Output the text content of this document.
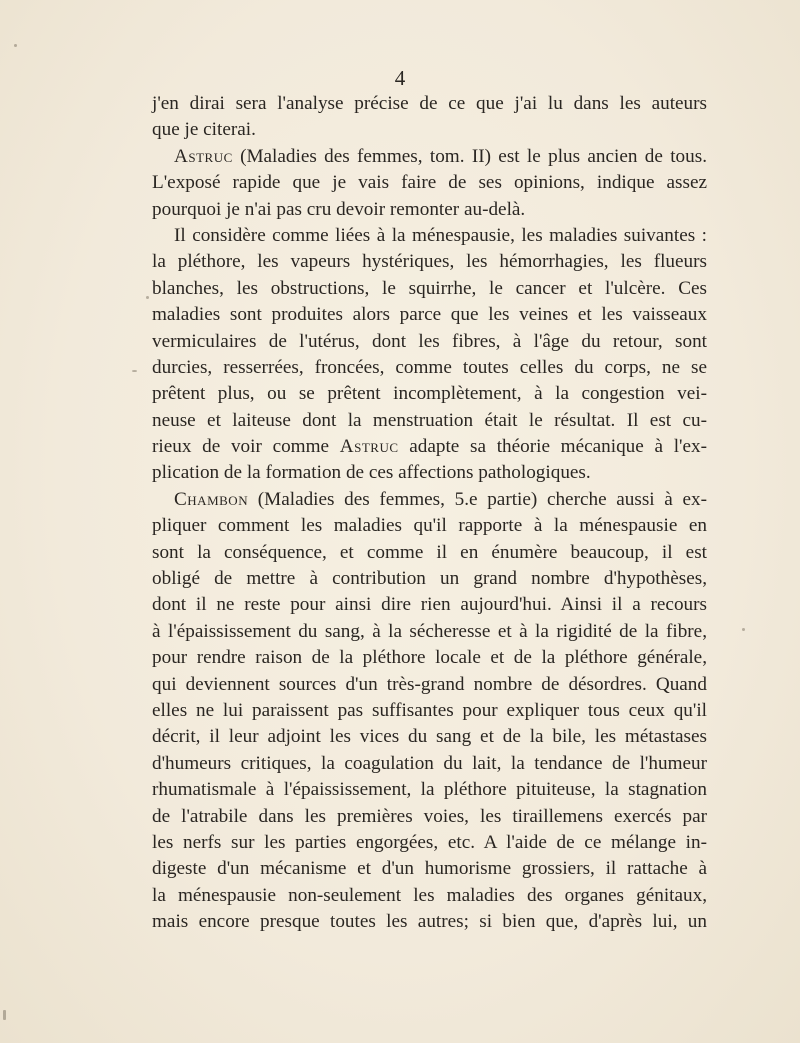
4
j'en dirai sera l'analyse précise de ce que j'ai lu dans les auteurs
que je citerai.
Astruc (Maladies des femmes, tom. II) est le plus ancien de tous.
L'exposé rapide que je vais faire de ses opinions, indique assez
pourquoi je n'ai pas cru devoir remonter au-delà.
Il considère comme liées à la ménespausie, les maladies suivantes :
la pléthore, les vapeurs hystériques, les hémorrhagies, les flueurs
blanches, les obstructions, le squirrhe, le cancer et l'ulcère. Ces
maladies sont produites alors parce que les veines et les vaisseaux
vermiculaires de l'utérus, dont les fibres, à l'âge du retour, sont
durcies, resserrées, froncées, comme toutes celles du corps, ne se
prêtent plus, ou se prêtent incomplètement, à la congestion vei-
neuse et laiteuse dont la menstruation était le résultat. Il est cu-
rieux de voir comme Astruc adapte sa théorie mécanique à l'ex-
plication de la formation de ces affections pathologiques.
Chambon (Maladies des femmes, 5.e partie) cherche aussi à ex-
pliquer comment les maladies qu'il rapporte à la ménespausie en
sont la conséquence, et comme il en énumère beaucoup, il est
obligé de mettre à contribution un grand nombre d'hypothèses,
dont il ne reste pour ainsi dire rien aujourd'hui. Ainsi il a recours
à l'épaississement du sang, à la sécheresse et à la rigidité de la fibre,
pour rendre raison de la pléthore locale et de la pléthore générale,
qui deviennent sources d'un très-grand nombre de désordres. Quand
elles ne lui paraissent pas suffisantes pour expliquer tous ceux qu'il
décrit, il leur adjoint les vices du sang et de la bile, les métastases
d'humeurs critiques, la coagulation du lait, la tendance de l'humeur
rhumatismale à l'épaississement, la pléthore pituiteuse, la stagnation
de l'atrabile dans les premières voies, les tiraillemens exercés par
les nerfs sur les parties engorgées, etc. A l'aide de ce mélange in-
digeste d'un mécanisme et d'un humorisme grossiers, il rattache à
la ménespausie non-seulement les maladies des organes génitaux,
mais encore presque toutes les autres; si bien que, d'après lui, un
